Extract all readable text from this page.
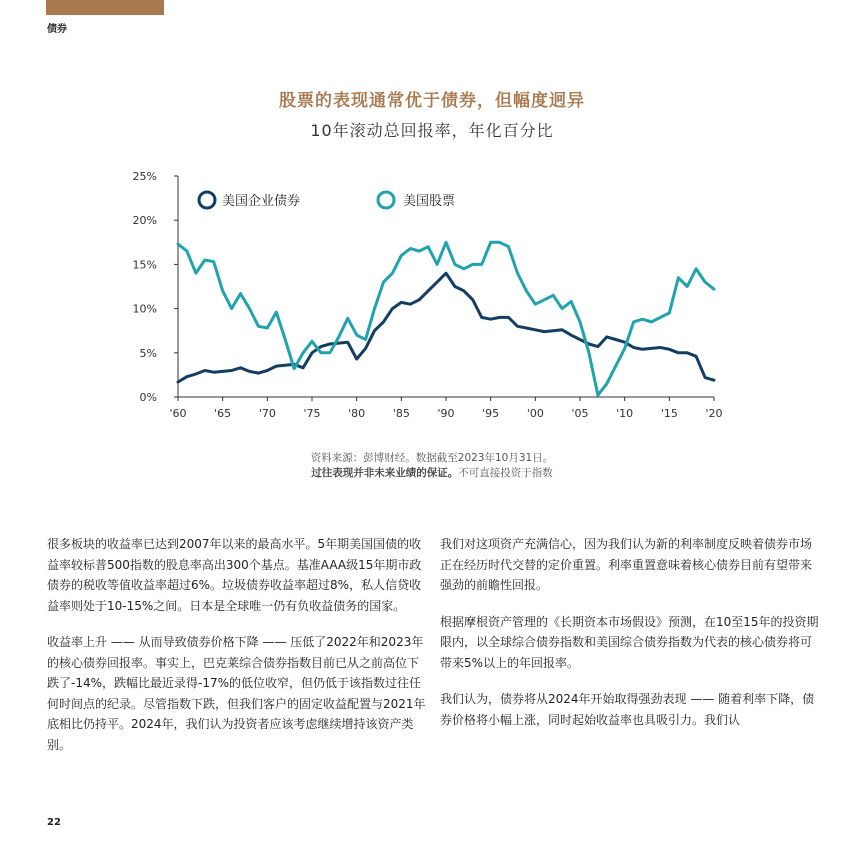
债券
股票的表现通常优于债券，但幅度迥异
10年滚动总回报率，年化百分比
0%
5%
10%
15%
20%
25%
'60	'65	'70	'75	'80	'85	'90	'95	'00	'05	'10	'15	'20
美国企业债券	美国股票
资料来源：彭博财经。数据截至2023年10月31日。
过往表现并非未来业绩的保证。不可直接投资于指数

很多板块的收益率已达到2007年以来的最高水平。5年期美国国债的收益率较标普500指数的股息率高出300个基点。基准AAA级15年期市政债券的税收等值收益率超过6%。垃圾债券收益率超过8%，私人信贷收益率则处于10-15%之间。日本是全球唯一仍有负收益债务的国家。

收益率上升 —— 从而导致债券价格下降 —— 压低了2022年和2023年的核心债券回报率。事实上，巴克莱综合债券指数目前已从之前高位下跌了-14%，跌幅比最近录得-17%的低位收窄，但仍低于该指数过往任何时间点的纪录。尽管指数下跌，但我们客户的固定收益配置与2021年底相比仍持平。2024年，我们认为投资者应该考虑继续增持该资产类别。

我们对这项资产充满信心，因为我们认为新的利率制度反映着债券市场正在经历时代交替的定价重置。利率重置意味着核心债券目前有望带来强劲的前瞻性回报。

根据摩根资产管理的《长期资本市场假设》预测，在10至15年的投资期限内，以全球综合债券指数和美国综合债券指数为代表的核心债券将可带来5%以上的年回报率。

我们认为，债券将从2024年开始取得强劲表现 —— 随着利率下降，债券价格将小幅上涨，同时起始收益率也具吸引力。我们认

22
